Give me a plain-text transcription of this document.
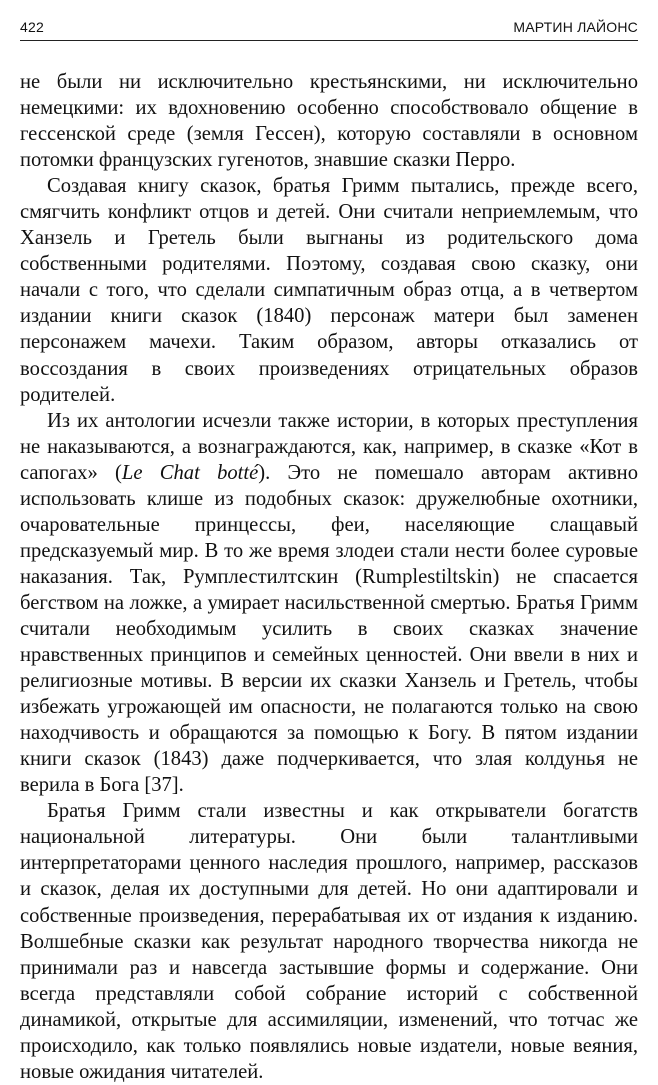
422	МАРТИН ЛАЙОНС

не были ни исключительно крестьянскими, ни исключительно немецкими: их вдохновению особенно способствовало общение в гессенской среде (земля Гессен), которую составляли в основном потомки французских гугенотов, знавшие сказки Перро.

Создавая книгу сказок, братья Гримм пытались, прежде всего, смягчить конфликт отцов и детей. Они считали неприемлемым, что Ханзель и Гретель были выгнаны из родительского дома собственными родителями. Поэтому, создавая свою сказку, они начали с того, что сделали симпатичным образ отца, а в четвертом издании книги сказок (1840) персонаж матери был заменен персонажем мачехи. Таким образом, авторы отказались от воссоздания в своих произведениях отрицательных образов родителей.

Из их антологии исчезли также истории, в которых преступления не наказываются, а вознаграждаются, как, например, в сказке «Кот в сапогах» (Le Chat botté). Это не помешало авторам активно использовать клише из подобных сказок: дружелюбные охотники, очаровательные принцессы, феи, населяющие слащавый предсказуемый мир. В то же время злодеи стали нести более суровые наказания. Так, Румплестилтскин (Rumplestiltskin) не спасается бегством на ложке, а умирает насильственной смертью. Братья Гримм считали необходимым усилить в своих сказках значение нравственных принципов и семейных ценностей. Они ввели в них и религиозные мотивы. В версии их сказки Ханзель и Гретель, чтобы избежать угрожающей им опасности, не полагаются только на свою находчивость и обращаются за помощью к Богу. В пятом издании книги сказок (1843) даже подчеркивается, что злая колдунья не верила в Бога [37].

Братья Гримм стали известны и как открыватели богатств национальной литературы. Они были талантливыми интерпретаторами ценного наследия прошлого, например, рассказов и сказок, делая их доступными для детей. Но они адаптировали и собственные произведения, перерабатывая их от издания к изданию. Волшебные сказки как результат народного творчества никогда не принимали раз и навсегда застывшие формы и содержание. Они всегда представляли собой собрание историй с собственной динамикой, открытые для ассимиляции, изменений, что тотчас же происходило, как только появлялись новые издатели, новые веяния, новые ожидания читателей.
